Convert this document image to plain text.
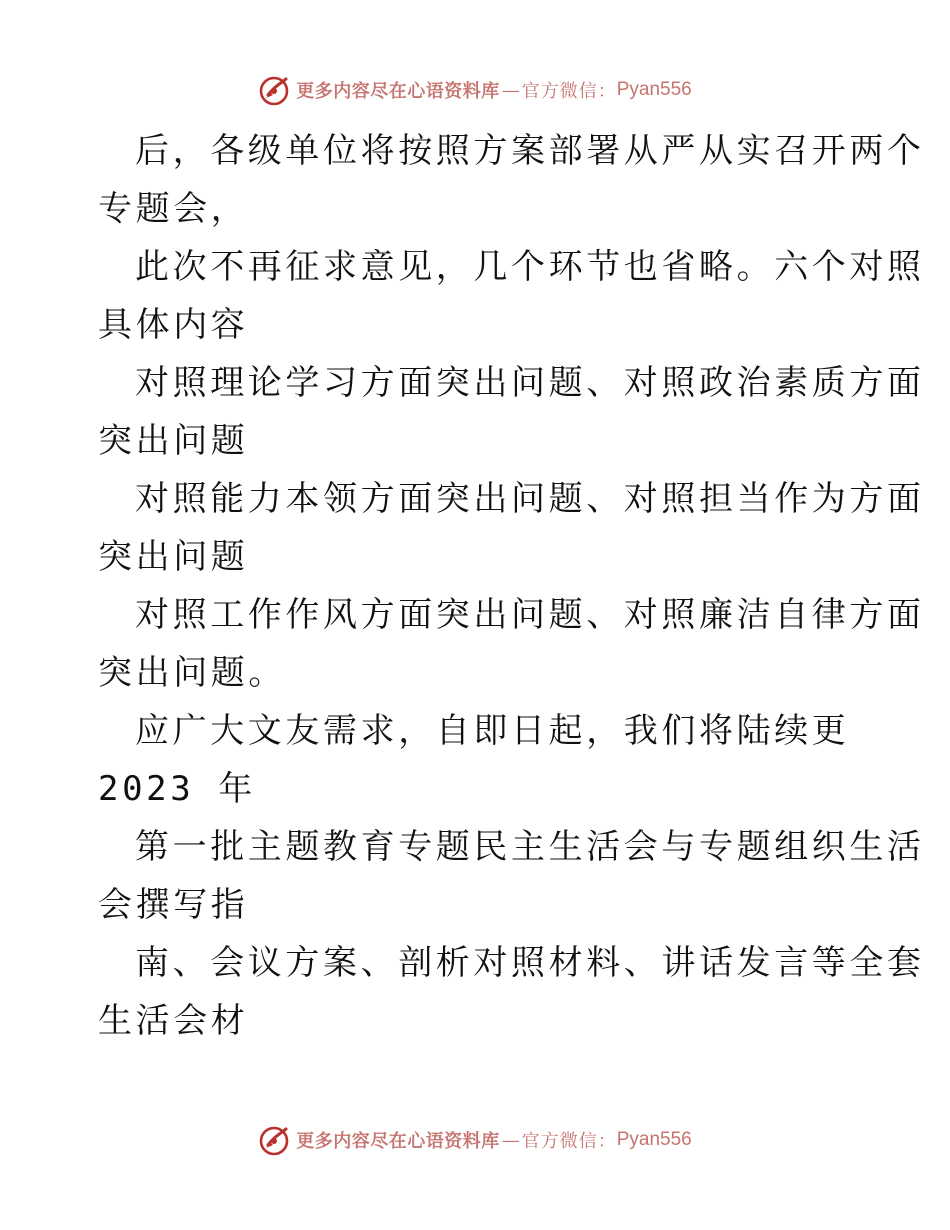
更多内容尽在心语资料库 — 官方微信： Pyan556
后，各级单位将按照方案部署从严从实召开两个
专题会，
此次不再征求意见，几个环节也省略。六个对照
具体内容
对照理论学习方面突出问题、对照政治素质方面
突出问题
对照能力本领方面突出问题、对照担当作为方面
突出问题
对照工作作风方面突出问题、对照廉洁自律方面
突出问题。
应广大文友需求，自即日起，我们将陆续更
2023 年
第一批主题教育专题民主生活会与专题组织生活
会撰写指
南、会议方案、剖析对照材料、讲话发言等全套
生活会材
更多内容尽在心语资料库 — 官方微信： Pyan556
